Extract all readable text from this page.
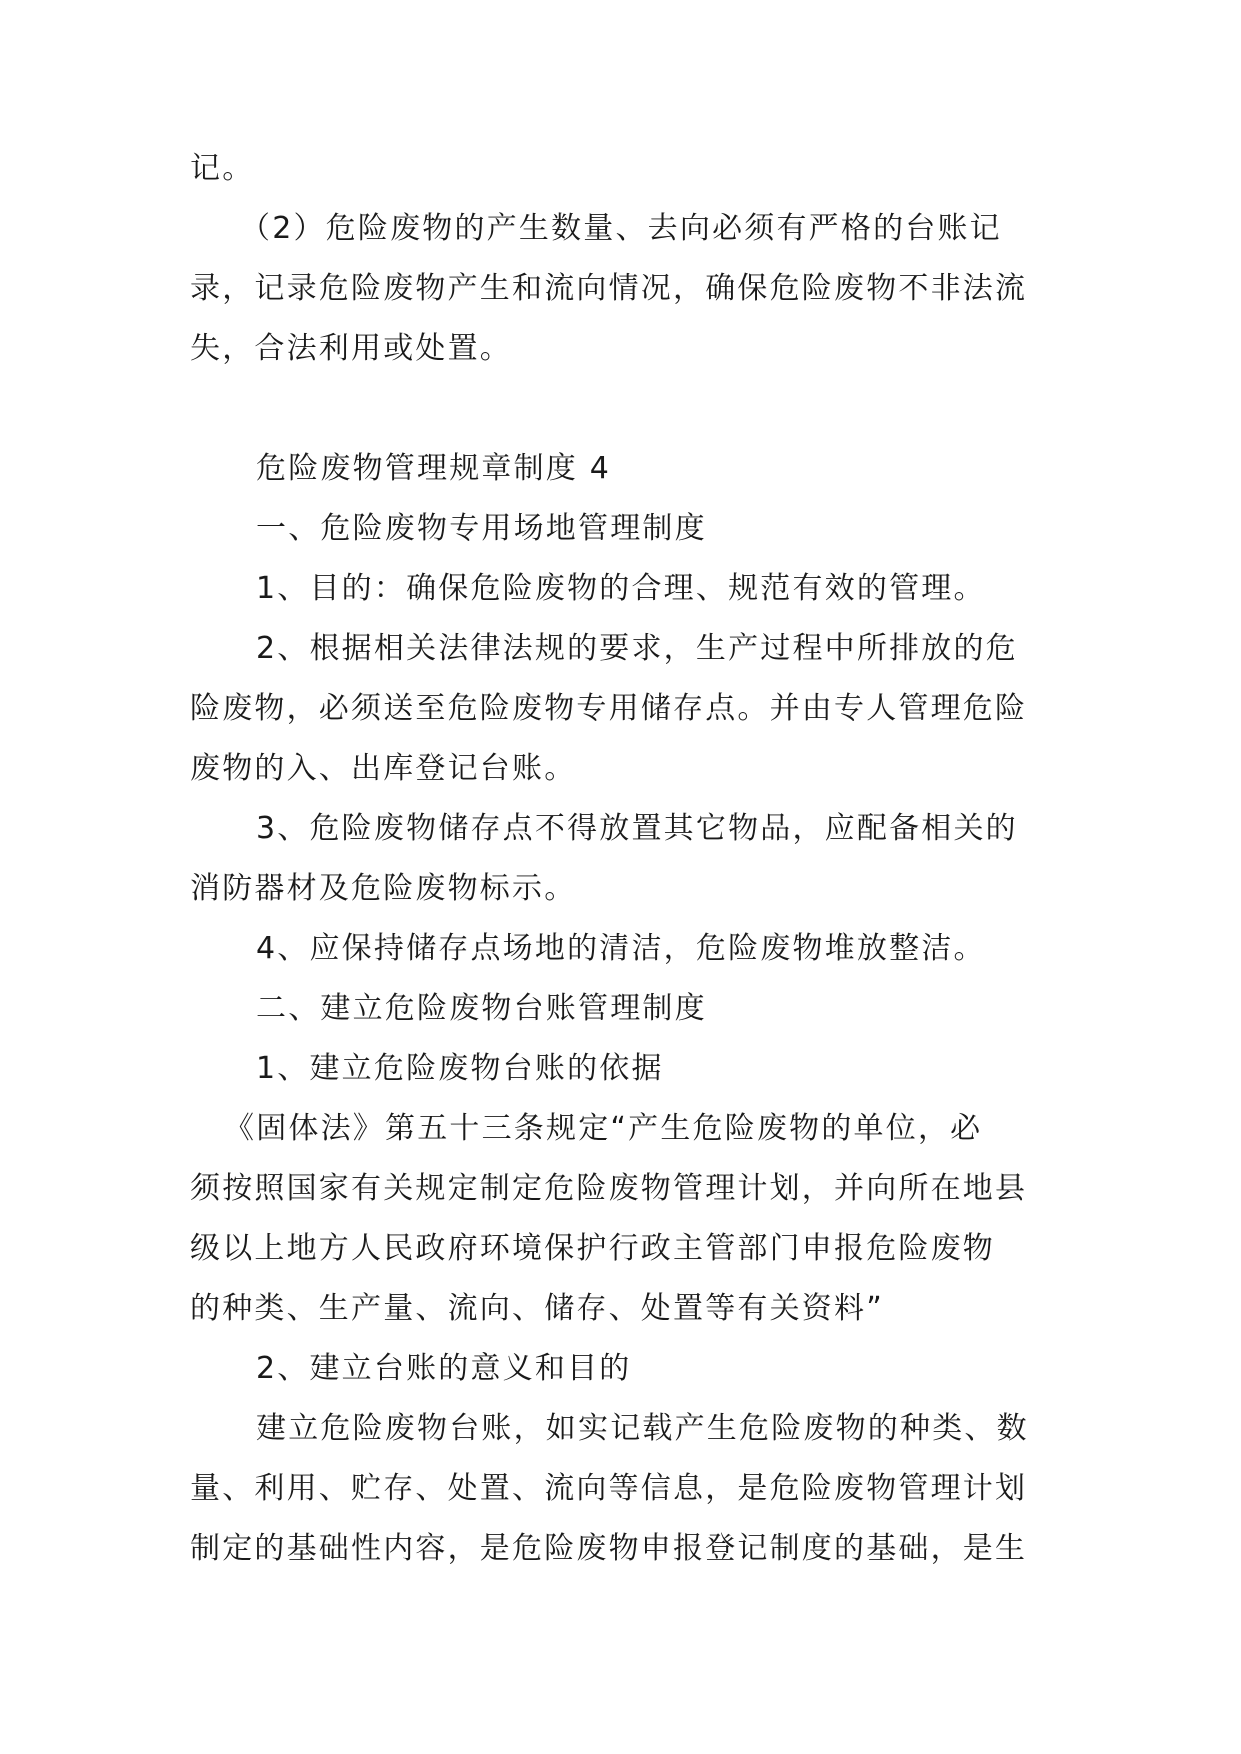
记。
（2）危险废物的产生数量、去向必须有严格的台账记
录，记录危险废物产生和流向情况，确保危险废物不非法流
失，合法利用或处置。
危险废物管理规章制度 4
一、危险废物专用场地管理制度
1、目的：确保危险废物的合理、规范有效的管理。
2、根据相关法律法规的要求，生产过程中所排放的危
险废物，必须送至危险废物专用储存点。并由专人管理危险
废物的入、出库登记台账。
3、危险废物储存点不得放置其它物品，应配备相关的
消防器材及危险废物标示。
4、应保持储存点场地的清洁，危险废物堆放整洁。
二、建立危险废物台账管理制度
1、建立危险废物台账的依据
《固体法》第五十三条规定“产生危险废物的单位，必
须按照国家有关规定制定危险废物管理计划，并向所在地县
级以上地方人民政府环境保护行政主管部门申报危险废物
的种类、生产量、流向、储存、处置等有关资料”
2、建立台账的意义和目的
建立危险废物台账，如实记载产生危险废物的种类、数
量、利用、贮存、处置、流向等信息，是危险废物管理计划
制定的基础性内容，是危险废物申报登记制度的基础，是生
